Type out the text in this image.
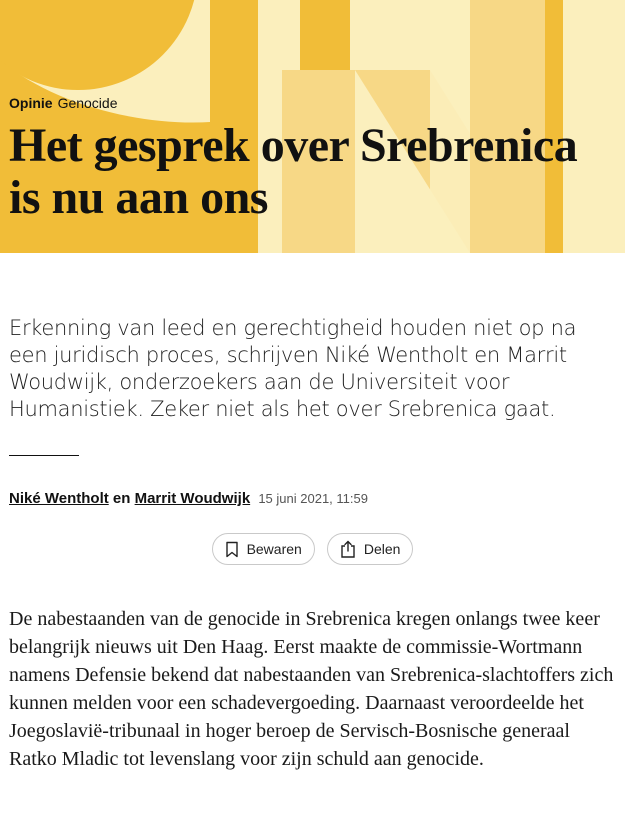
Opinie Genocide
Het gesprek over Srebrenica is nu aan ons

Erkenning van leed en gerechtigheid houden niet op na een juridisch proces, schrijven Niké Wentholt en Marrit Woudwijk, onderzoekers aan de Universiteit voor Humanistiek. Zeker niet als het over Srebrenica gaat.

Niké Wentholt en Marrit Woudwijk 15 juni 2021, 11:59
Bewaren	Delen

De nabestaanden van de genocide in Srebrenica kregen onlangs twee keer belangrijk nieuws uit Den Haag. Eerst maakte de commissie-Wortmann namens Defensie bekend dat nabestaanden van Srebrenica-slachtoffers zich kunnen melden voor een schadevergoeding. Daarnaast veroordeelde het Joegoslavië-tribunaal in hoger beroep de Servisch-Bosnische generaal Ratko Mladic tot levenslang voor zijn schuld aan genocide.
